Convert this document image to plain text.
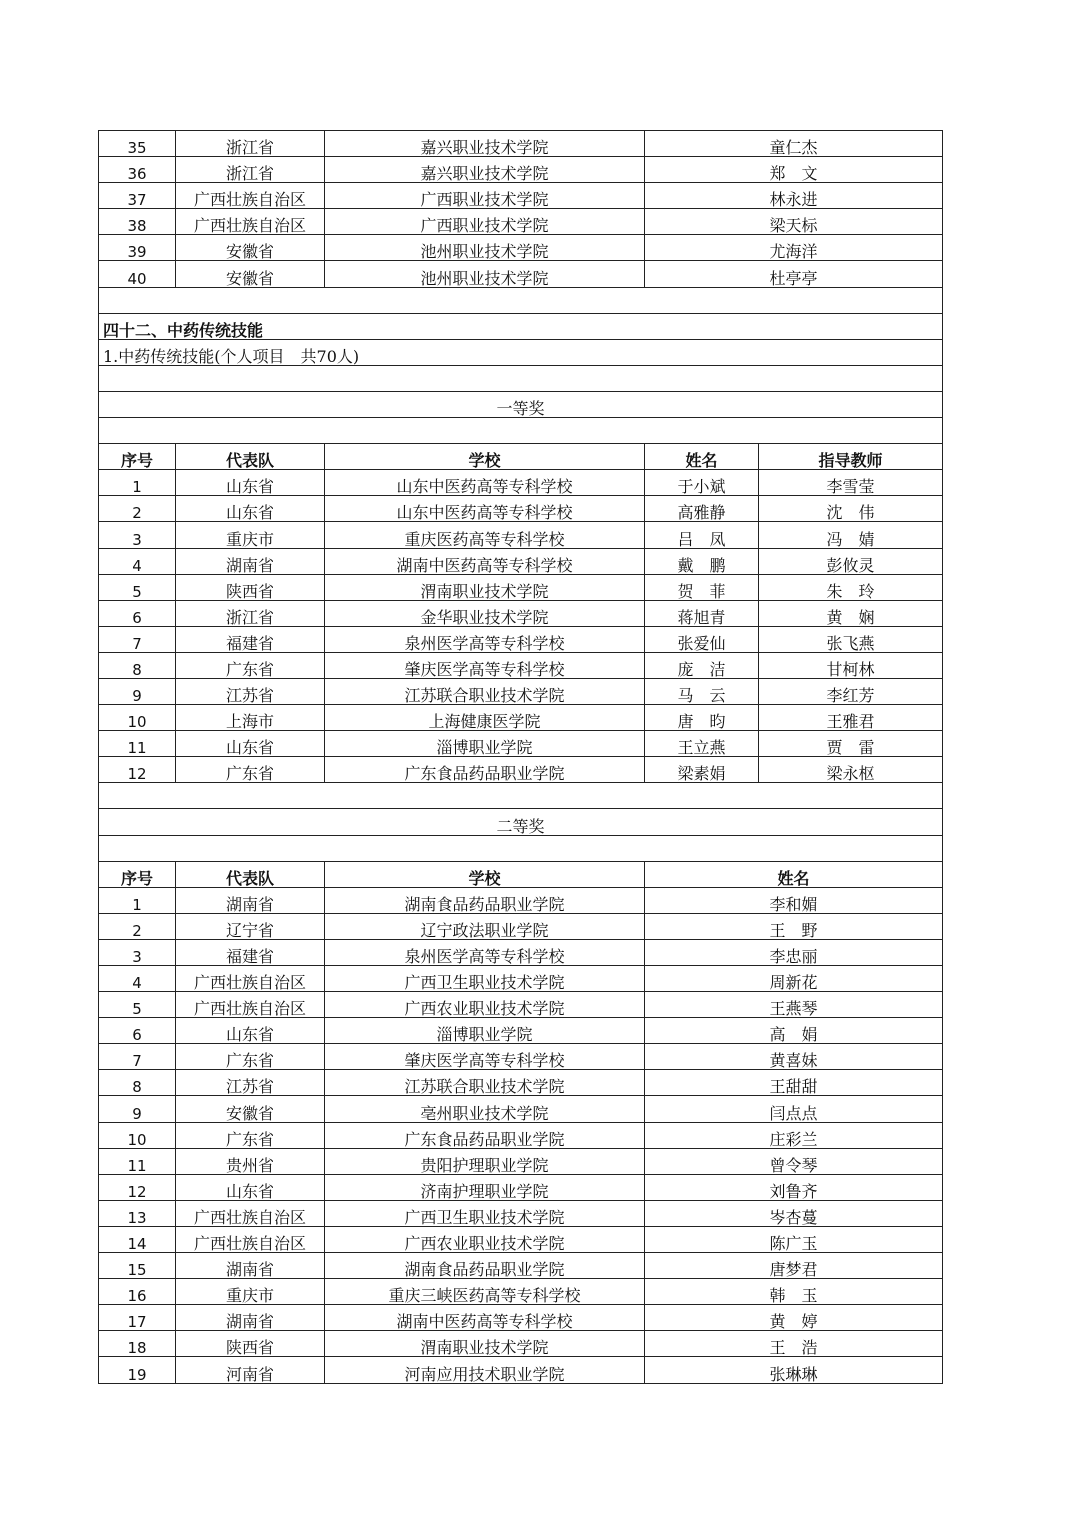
35	浙江省	嘉兴职业技术学院	童仁杰	
36	浙江省	嘉兴职业技术学院	郑　文	
37	广西壮族自治区	广西职业技术学院	林永进	
38	广西壮族自治区	广西职业技术学院	梁天标	
39	安徽省	池州职业技术学院	尤海洋	
40	安徽省	池州职业技术学院	杜亭亭	

四十二、中药传统技能				
1.中药传统技能(个人项目　共70人)				

一等奖				

序号	代表队	学校	姓名	指导教师
1	山东省	山东中医药高等专科学校	于小斌	李雪莹
2	山东省	山东中医药高等专科学校	高雅静	沈　伟
3	重庆市	重庆医药高等专科学校	吕　凤	冯　婧
4	湖南省	湖南中医药高等专科学校	戴　鹏	彭攸灵
5	陕西省	渭南职业技术学院	贺　菲	朱　玲
6	浙江省	金华职业技术学院	蒋旭青	黄　娴
7	福建省	泉州医学高等专科学校	张爱仙	张飞燕
8	广东省	肇庆医学高等专科学校	庞　洁	甘柯林
9	江苏省	江苏联合职业技术学院	马　云	李红芳
10	上海市	上海健康医学院	唐　昀	王雅君
11	山东省	淄博职业学院	王立燕	贾　雷
12	广东省	广东食品药品职业学院	梁素娟	梁永枢

二等奖				

序号	代表队	学校	姓名	
1	湖南省	湖南食品药品职业学院	李和媚	
2	辽宁省	辽宁政法职业学院	王　野	
3	福建省	泉州医学高等专科学校	李忠丽	
4	广西壮族自治区	广西卫生职业技术学院	周新花	
5	广西壮族自治区	广西农业职业技术学院	王燕琴	
6	山东省	淄博职业学院	高　娟	
7	广东省	肇庆医学高等专科学校	黄喜妹	
8	江苏省	江苏联合职业技术学院	王甜甜	
9	安徽省	亳州职业技术学院	闫点点	
10	广东省	广东食品药品职业学院	庄彩兰	
11	贵州省	贵阳护理职业学院	曾令琴	
12	山东省	济南护理职业学院	刘鲁齐	
13	广西壮族自治区	广西卫生职业技术学院	岑杏蔓	
14	广西壮族自治区	广西农业职业技术学院	陈广玉	
15	湖南省	湖南食品药品职业学院	唐梦君	
16	重庆市	重庆三峡医药高等专科学校	韩　玉	
17	湖南省	湖南中医药高等专科学校	黄　婷	
18	陕西省	渭南职业技术学院	王　浩	
19	河南省	河南应用技术职业学院	张琳琳	
